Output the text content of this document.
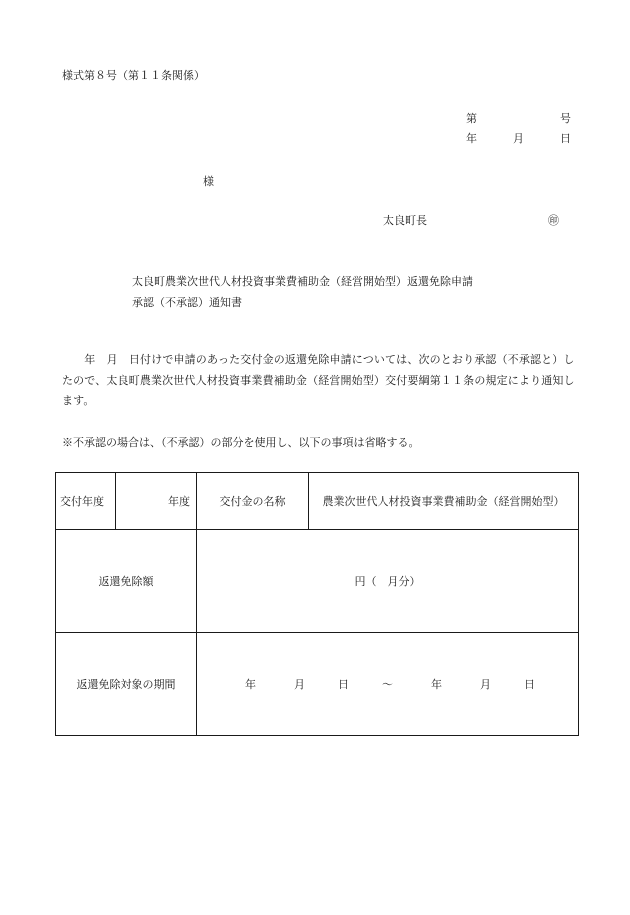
様式第８号（第１１条関係）
第	号
年	月	日
様
太良町長	㊞
太良町農業次世代人材投資事業費補助金（経営開始型）返還免除申請
承認（不承認）通知書

　　年　月　日付けで申請のあった交付金の返還免除申請については、次のとおり承認（不承認と）したので、太良町農業次世代人材投資事業費補助金（経営開始型）交付要綱第１１条の規定により通知します。

※不承認の場合は、（不承認）の部分を使用し、以下の事項は省略する。
交付年度	年度	交付金の名称	農業次世代人材投資事業費補助金（経営開始型）
返還免除額		円（　月分）	
返還免除対象の期間		年 月 日 ～ 年 月 日	
